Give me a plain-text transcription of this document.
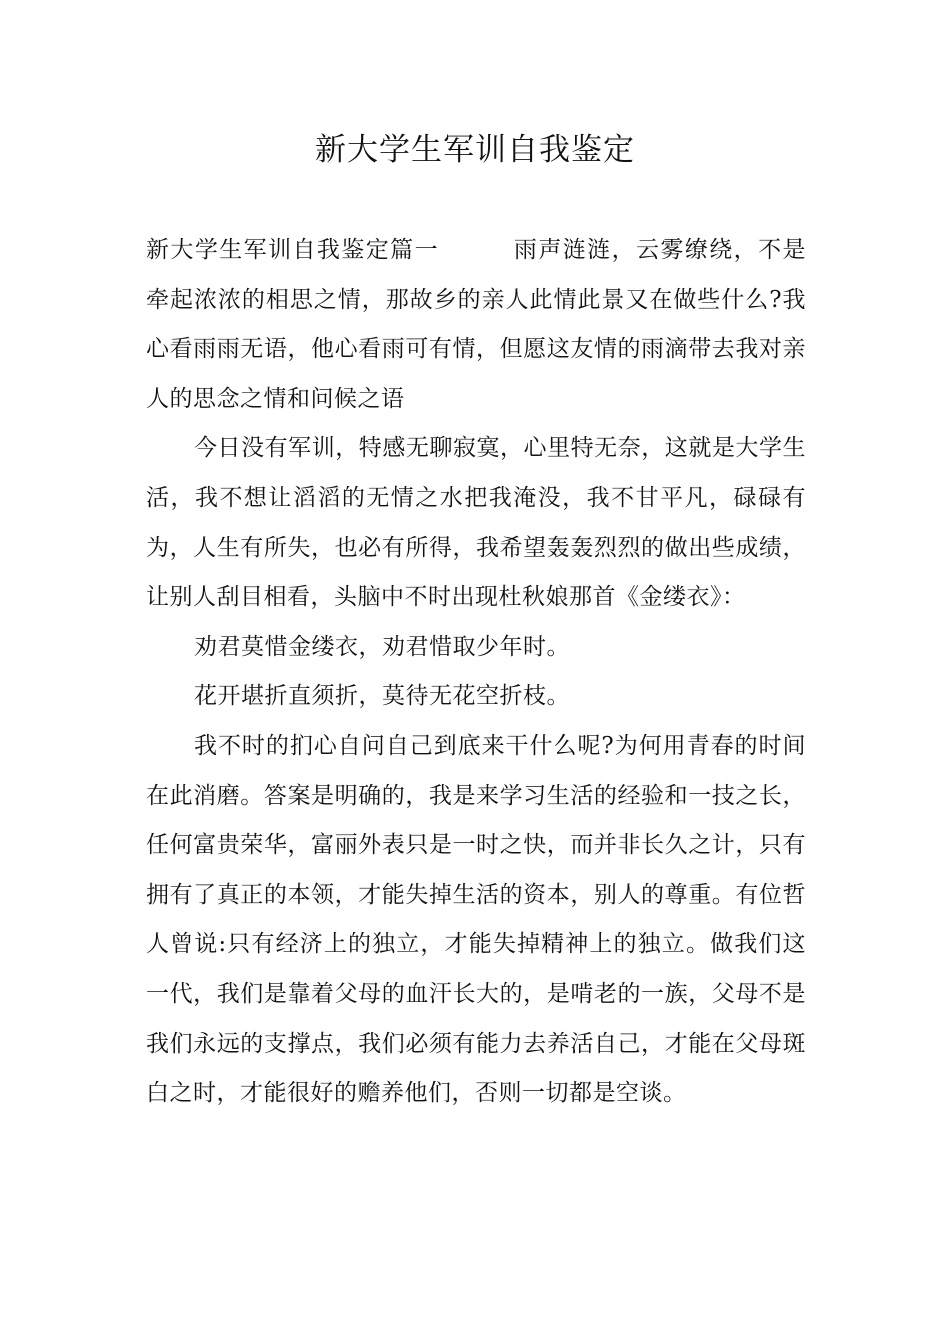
新大学生军训自我鉴定

新大学生军训自我鉴定篇一	雨声涟涟，云雾缭绕，不是牵起浓浓的相思之情，那故乡的亲人此情此景又在做些什么?我心看雨雨无语，他心看雨可有情，但愿这友情的雨滴带去我对亲人的思念之情和问候之语

今日没有军训，特感无聊寂寞，心里特无奈，这就是大学生活，我不想让滔滔的无情之水把我淹没，我不甘平凡，碌碌有为，人生有所失，也必有所得，我希望轰轰烈烈的做出些成绩，让别人刮目相看，头脑中不时出现杜秋娘那首《金缕衣》：

劝君莫惜金缕衣，劝君惜取少年时。

花开堪折直须折，莫待无花空折枝。

我不时的扪心自问自己到底来干什么呢?为何用青春的时间在此消磨。答案是明确的，我是来学习生活的经验和一技之长，任何富贵荣华，富丽外表只是一时之快，而并非长久之计，只有拥有了真正的本领，才能失掉生活的资本，别人的尊重。有位哲人曾说:只有经济上的独立，才能失掉精神上的独立。做我们这一代，我们是靠着父母的血汗长大的，是啃老的一族，父母不是我们永远的支撑点，我们必须有能力去养活自己，才能在父母斑白之时，才能很好的赡养他们，否则一切都是空谈。
